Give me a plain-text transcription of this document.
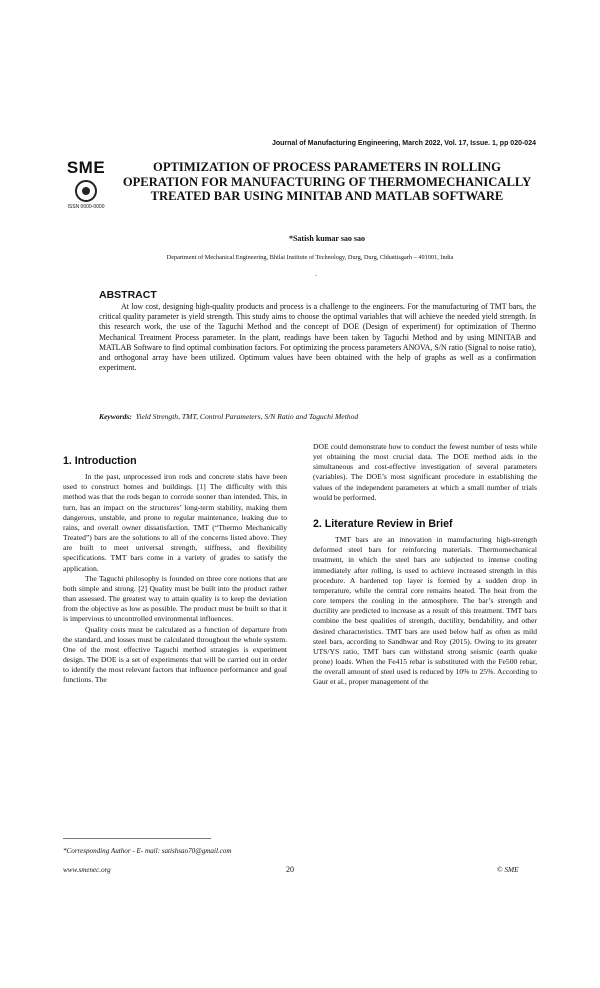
Journal of Manufacturing Engineering, March 2022, Vol. 17, Issue. 1, pp 020-024
SME
ISSN 0000-0000
OPTIMIZATION OF PROCESS PARAMETERS IN ROLLING OPERATION FOR MANUFACTURING OF THERMOMECHANICALLY TREATED BAR USING MINITAB AND MATLAB SOFTWARE
*Satish kumar sao sao
Department of Mechanical Engineering, Bhilai Institute of Technology, Durg, Durg, Chhattisgarh – 491001, India
.
ABSTRACT

At low cost, designing high-quality products and process is a challenge to the engineers. For the manufacturing of TMT bars, the critical quality parameter is yield strength. This study aims to choose the optimal variables that will achieve the needed yield strength. In this research work, the use of the Taguchi Method and the concept of DOE (Design of experiment) for optimization of Thermo Mechanical Treatment Process parameter. In the plant, readings have been taken by Taguchi Method and by using MINITAB and MATLAB Software to find optimal combination factors. For optimizing the process parameters ANOVA, S/N ratio (Signal to noise ratio), and orthogonal array have been utilized. Optimum values have been obtained with the help of graphs as well as a confirmation experiment.

Keywords: Yield Strength, TMT, Control Parameters, S/N Ratio and Taguchi Method
1. Introduction

In the past, unprocessed iron rods and concrete slabs have been used to construct homes and buildings. [1] The difficulty with this method was that the rods began to corrode sooner than intended. This, in turn, has an impact on the structures’ long-term stability, making them dangerous, unstable, and prone to regular maintenance, leaking due to rains, and overall owner dissatisfaction. TMT (“Thermo Mechanically Treated”) bars are the solutions to all of the concerns listed above. They are built to meet universal strength, stiffness, and flexibility specifications. TMT bars come in a variety of grades to satisfy the application.

The Taguchi philosophy is founded on three core notions that are both simple and strong. [2] Quality must be built into the product rather than assessed. The greatest way to attain quality is to keep the deviation from the objective as low as possible. The product must be built so that it is impervious to uncontrolled environmental influences.

Quality costs must be calculated as a function of departure from the standard, and losses must be calculated throughout the whole system. One of the most effective Taguchi method strategies is experiment design. The DOE is a set of experiments that will be carried out in order to identify the most relevant factors that influence performance and goal functions. The

DOE could demonstrate how to conduct the fewest number of tests while yet obtaining the most crucial data. The DOE method aids in the simultaneous and cost-effective investigation of several parameters (variables). The DOE’s most significant procedure in establishing the values of the independent parameters at which a small number of trials would be performed.

2. Literature Review in Brief

TMT bars are an innovation in manufacturing high-strength deformed steel bars for reinforcing materials. Thermomechanical treatment, in which the steel bars are subjected to intense cooling immediately after rolling, is used to achieve increased strength in this procedure. A hardened top layer is formed by a sudden drop in temperature, while the central core remains heated. The heat from the core tempers the cooling in the atmosphere. The bar’s strength and ductility are predicted to increase as a result of this treatment. TMT bars combine the best qualities of strength, ductility, bendability, and other desired characteristics. TMT bars are used below half as often as mild steel bars, according to Sandhwar and Roy (2015). Owing to its greater UTS/YS ratio, TMT bars can withstand strong seismic (earth quake prone) loads. When the Fe415 rebar is substituted with the Fe500 rebar, the overall amount of steel used is reduced by 10% to 25%. According to Gaur et al., proper management of the

*Corresponding Author - E- mail: satishsao70@gmail.com
www.smenec.org	20	© SME
